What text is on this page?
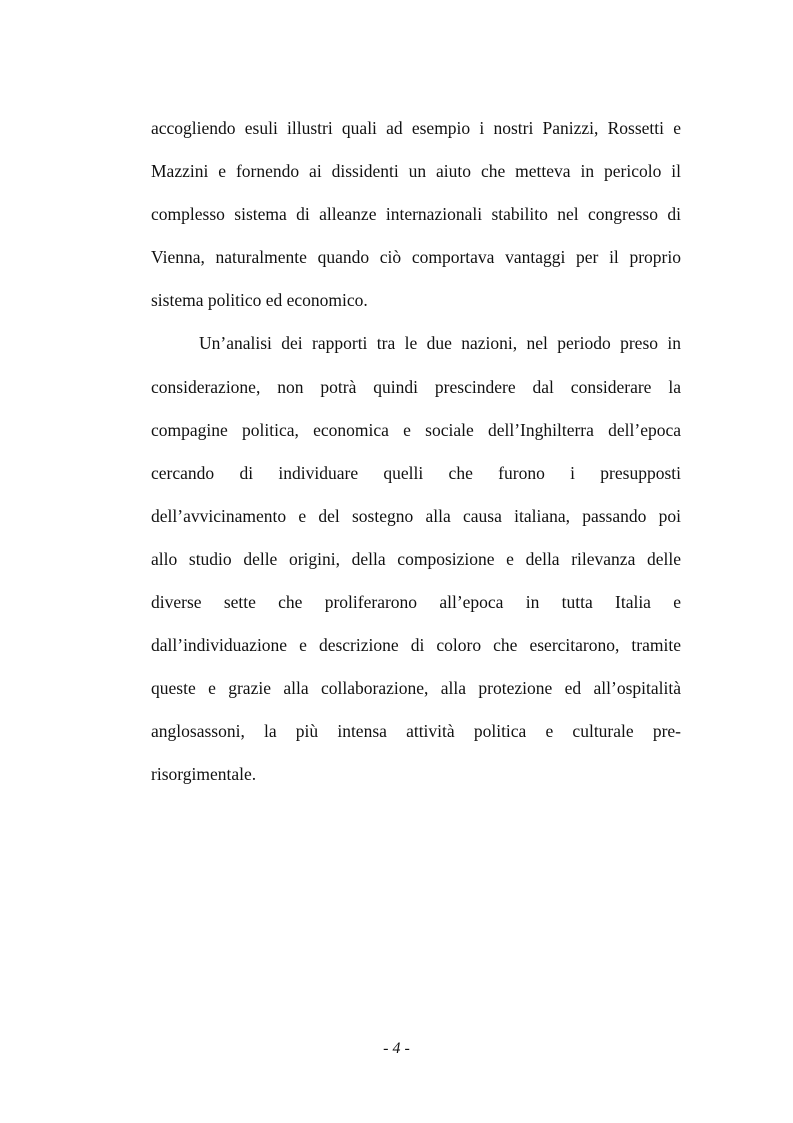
accogliendo esuli illustri quali ad esempio i nostri Panizzi, Rossetti e
Mazzini e fornendo ai dissidenti un aiuto che metteva in pericolo il
complesso sistema di alleanze internazionali stabilito nel congresso di
Vienna, naturalmente quando ciò comportava vantaggi per il proprio
sistema politico ed economico.
Un’analisi dei rapporti tra le due nazioni, nel periodo preso in
considerazione, non potrà quindi prescindere dal considerare la
compagine politica, economica e sociale dell’Inghilterra dell’epoca
cercando di individuare quelli che furono i presupposti
dell’avvicinamento e del sostegno alla causa italiana, passando poi
allo studio delle origini, della composizione e della rilevanza delle
diverse sette che proliferarono all’epoca in tutta Italia e
dall’individuazione e descrizione di coloro che esercitarono, tramite
queste e grazie alla collaborazione, alla protezione ed all’ospitalità
anglosassoni, la più intensa attività politica e culturale pre-
risorgimentale.
- 4 -
